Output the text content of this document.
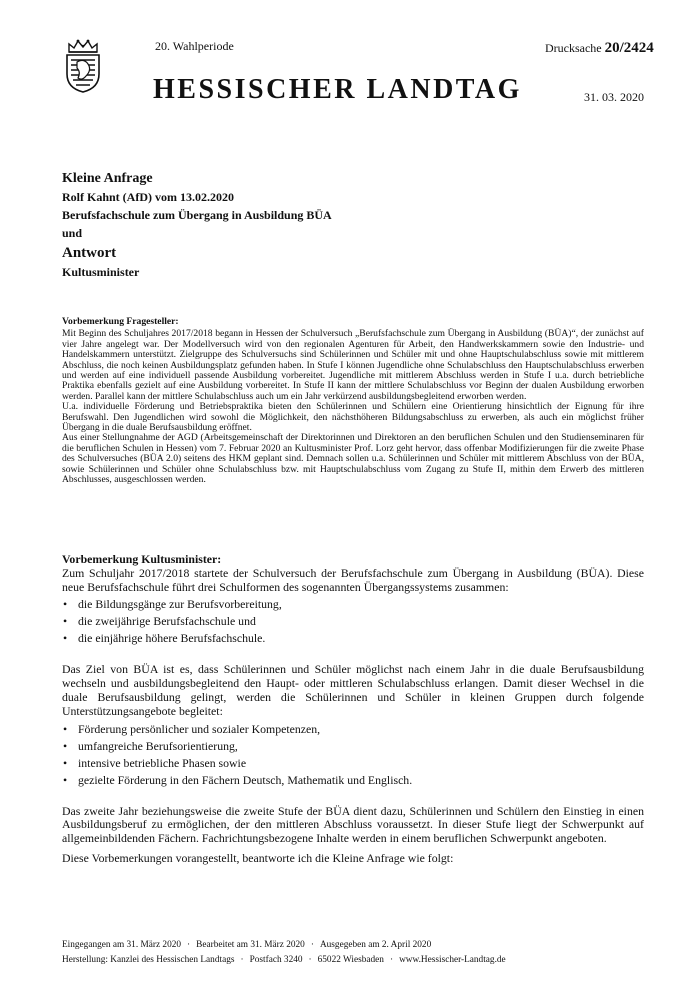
20. Wahlperiode	Drucksache 20/2424
HESSISCHER LANDTAG	31. 03. 2020
Kleine Anfrage
Rolf Kahnt (AfD) vom 13.02.2020
Berufsfachschule zum Übergang in Ausbildung BÜA
und
Antwort
Kultusminister
Vorbemerkung Fragesteller:

Mit Beginn des Schuljahres 2017/2018 begann in Hessen der Schulversuch „Berufsfachschule zum Übergang in Ausbildung (BÜA)“, der zunächst auf vier Jahre angelegt war. Der Modellversuch wird von den regionalen Agenturen für Arbeit, den Handwerkskammern sowie den Industrie- und Handelskammern unterstützt. Zielgruppe des Schulversuchs sind Schülerinnen und Schüler mit und ohne Hauptschulabschluss sowie mit mittlerem Abschluss, die noch keinen Ausbildungsplatz gefunden haben. In Stufe I können Jugendliche ohne Schulabschluss den Hauptschulabschluss erwerben und werden auf eine individuell passende Ausbildung vorbereitet. Jugendliche mit mittlerem Abschluss werden in Stufe I u.a. durch betriebliche Praktika ebenfalls gezielt auf eine Ausbildung vorbereitet. In Stufe II kann der mittlere Schulabschluss vor Beginn der dualen Ausbildung erworben werden. Parallel kann der mittlere Schulabschluss auch um ein Jahr verkürzend ausbildungsbegleitend erworben werden.

U.a. individuelle Förderung und Betriebspraktika bieten den Schülerinnen und Schülern eine Orientierung hinsichtlich der Eignung für ihre Berufswahl. Den Jugendlichen wird sowohl die Möglichkeit, den nächsthöheren Bildungsabschluss zu erwerben, als auch ein möglichst früher Übergang in die duale Berufsausbildung eröffnet.

Aus einer Stellungnahme der AGD (Arbeitsgemeinschaft der Direktorinnen und Direktoren an den beruflichen Schulen und den Studienseminaren für die beruflichen Schulen in Hessen) vom 7. Februar 2020 an Kultusminister Prof. Lorz geht hervor, dass offenbar Modifizierungen für die zweite Phase des Schulversuches (BÜA 2.0) seitens des HKM geplant sind. Demnach sollen u.a. Schülerinnen und Schüler mit mittlerem Abschluss von der BÜA, sowie Schülerinnen und Schüler ohne Schulabschluss bzw. mit Hauptschulabschluss vom Zugang zu Stufe II, mithin dem Erwerb des mittleren Abschlusses, ausgeschlossen werden.

Vorbemerkung Kultusminister:

Zum Schuljahr 2017/2018 startete der Schulversuch der Berufsfachschule zum Übergang in Ausbildung (BÜA). Diese neue Berufsfachschule führt drei Schulformen des sogenannten Übergangssystems zusammen:

• die Bildungsgänge zur Berufsvorbereitung,
• die zweijährige Berufsfachschule und
• die einjährige höhere Berufsfachschule.

Das Ziel von BÜA ist es, dass Schülerinnen und Schüler möglichst nach einem Jahr in die duale Berufsausbildung wechseln und ausbildungsbegleitend den Haupt- oder mittleren Schulabschluss erlangen. Damit dieser Wechsel in die duale Berufsausbildung gelingt, werden die Schülerinnen und Schüler in kleinen Gruppen durch folgende Unterstützungsangebote begleitet:

• Förderung persönlicher und sozialer Kompetenzen,
• umfangreiche Berufsorientierung,
• intensive betriebliche Phasen sowie
• gezielte Förderung in den Fächern Deutsch, Mathematik und Englisch.

Das zweite Jahr beziehungsweise die zweite Stufe der BÜA dient dazu, Schülerinnen und Schülern den Einstieg in einen Ausbildungsberuf zu ermöglichen, der den mittleren Abschluss voraussetzt. In dieser Stufe liegt der Schwerpunkt auf allgemeinbildenden Fächern. Fachrichtungsbezogene Inhalte werden in einem beruflichen Schwerpunkt angeboten.

Diese Vorbemerkungen vorangestellt, beantworte ich die Kleine Anfrage wie folgt:

Eingegangen am 31. März 2020 · Bearbeitet am 31. März 2020 · Ausgegeben am 2. April 2020
Herstellung: Kanzlei des Hessischen Landtags · Postfach 3240 · 65022 Wiesbaden · www.Hessischer-Landtag.de
